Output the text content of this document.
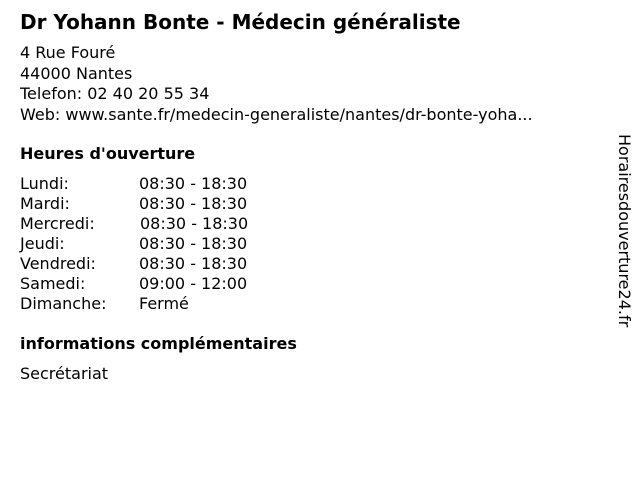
Dr Yohann Bonte - Médecin généraliste
4 Rue Fouré
44000 Nantes
Telefon: 02 40 20 55 34
Web: www.sante.fr/medecin-generaliste/nantes/dr-bonte-yoha...
Heures d'ouverture
Lundi:	08:30 - 18:30
Mardi:	08:30 - 18:30
Mercredi:	08:30 - 18:30
Jeudi:	08:30 - 18:30
Vendredi:	08:30 - 18:30
Samedi:	09:00 - 12:00
Dimanche: Fermé
informations complémentaires
Secrétariat
Horairesdouverture24.fr
